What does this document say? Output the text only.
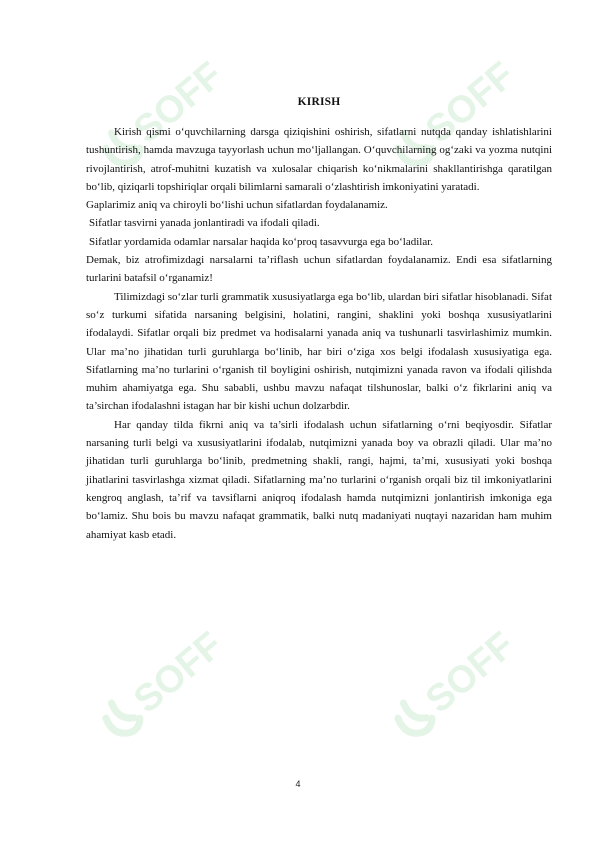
SOFF	SOFF
SOFF	SOFF
KIRISH

Kirish qismi o‘quvchilarning darsga qiziqishini oshirish, sifatlarni nutqda qanday ishlatishlarini tushuntirish, hamda mavzuga tayyorlash uchun mo‘ljallangan. O‘quvchilarning og‘zaki va yozma nutqini rivojlantirish, atrof-muhitni kuzatish va xulosalar chiqarish ko‘nikmalarini shakllantirishga qaratilgan bo‘lib, qiziqarli topshiriqlar orqali bilimlarni samarali o‘zlashtirish imkoniyatini yaratadi.

Gaplarimiz aniq va chiroyli bo‘lishi uchun sifatlardan foydalanamiz.

Sifatlar tasvirni yanada jonlantiradi va ifodali qiladi.

Sifatlar yordamida odamlar narsalar haqida ko‘proq tasavvurga ega bo‘ladilar.

Demak, biz atrofimizdagi narsalarni ta’riflash uchun sifatlardan foydalanamiz. Endi esa sifatlarning turlarini batafsil o‘rganamiz!

Tilimizdagi so‘zlar turli grammatik xususiyatlarga ega bo‘lib, ulardan biri sifatlar hisoblanadi. Sifat so‘z turkumi sifatida narsaning belgisini, holatini, rangini, shaklini yoki boshqa xususiyatlarini ifodalaydi. Sifatlar orqali biz predmet va hodisalarni yanada aniq va tushunarli tasvirlashimiz mumkin. Ular ma’no jihatidan turli guruhlarga bo‘linib, har biri o‘ziga xos belgi ifodalash xususiyatiga ega. Sifatlarning ma’no turlarini o‘rganish til boyligini oshirish, nutqimizni yanada ravon va ifodali qilishda muhim ahamiyatga ega. Shu sababli, ushbu mavzu nafaqat tilshunoslar, balki o‘z fikrlarini aniq va ta’sirchan ifodalashni istagan har bir kishi uchun dolzarbdir.

Har qanday tilda fikrni aniq va ta’sirli ifodalash uchun sifatlarning o‘rni beqiyosdir. Sifatlar narsaning turli belgi va xususiyatlarini ifodalab, nutqimizni yanada boy va obrazli qiladi. Ular ma’no jihatidan turli guruhlarga bo‘linib, predmetning shakli, rangi, hajmi, ta’mi, xususiyati yoki boshqa jihatlarini tasvirlashga xizmat qiladi. Sifatlarning ma’no turlarini o‘rganish orqali biz til imkoniyatlarini kengroq anglash, ta’rif va tavsiflarni aniqroq ifodalash hamda nutqimizni jonlantirish imkoniga ega bo‘lamiz. Shu bois bu mavzu nafaqat grammatik, balki nutq madaniyati nuqtayi nazaridan ham muhim ahamiyat kasb etadi.

4
